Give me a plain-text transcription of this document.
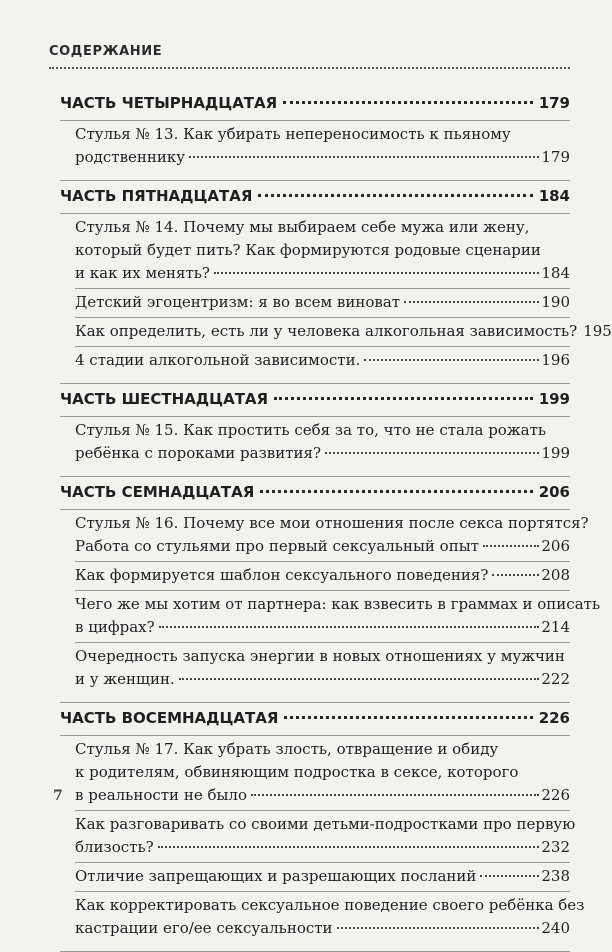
СОДЕРЖАНИЕ
ЧАСТЬ ЧЕТЫРНАДЦАТАЯ	179
Стулья № 13. Как убирать непереносимость к пьяному
родственнику	179
ЧАСТЬ ПЯТНАДЦАТАЯ	184
Стулья № 14. Почему мы выбираем себе мужа или жену,
который будет пить? Как формируются родовые сценарии
и как их менять?	184
Детский эгоцентризм: я во всем виноват	190
Как определить, есть ли у человека алкогольная зависимость? 195
4 стадии алкогольной зависимости.	196
ЧАСТЬ ШЕСТНАДЦАТАЯ	199
Стулья № 15. Как простить себя за то, что не стала рожать
ребёнка с пороками развития?	199
ЧАСТЬ СЕМНАДЦАТАЯ	206
Стулья № 16. Почему все мои отношения после секса портятся?
Работа со стульями про первый сексуальный опыт	206
Как формируется шаблон сексуального поведения?	208
Чего же мы хотим от партнера: как взвесить в граммах и описать
в цифрах?	214
Очередность запуска энергии в новых отношениях у мужчин
и у женщин.	222
ЧАСТЬ ВОСЕМНАДЦАТАЯ	226
Стулья № 17. Как убрать злость, отвращение и обиду
к родителям, обвиняющим подростка в сексе, которого
в реальности не было	226
Как разговаривать со своими детьми-подростками про первую
близость?	232
Отличие запрещающих и разрешающих посланий	238
Как корректировать сексуальное поведение своего ребёнка без
кастрации его/ее сексуальности	240
7
